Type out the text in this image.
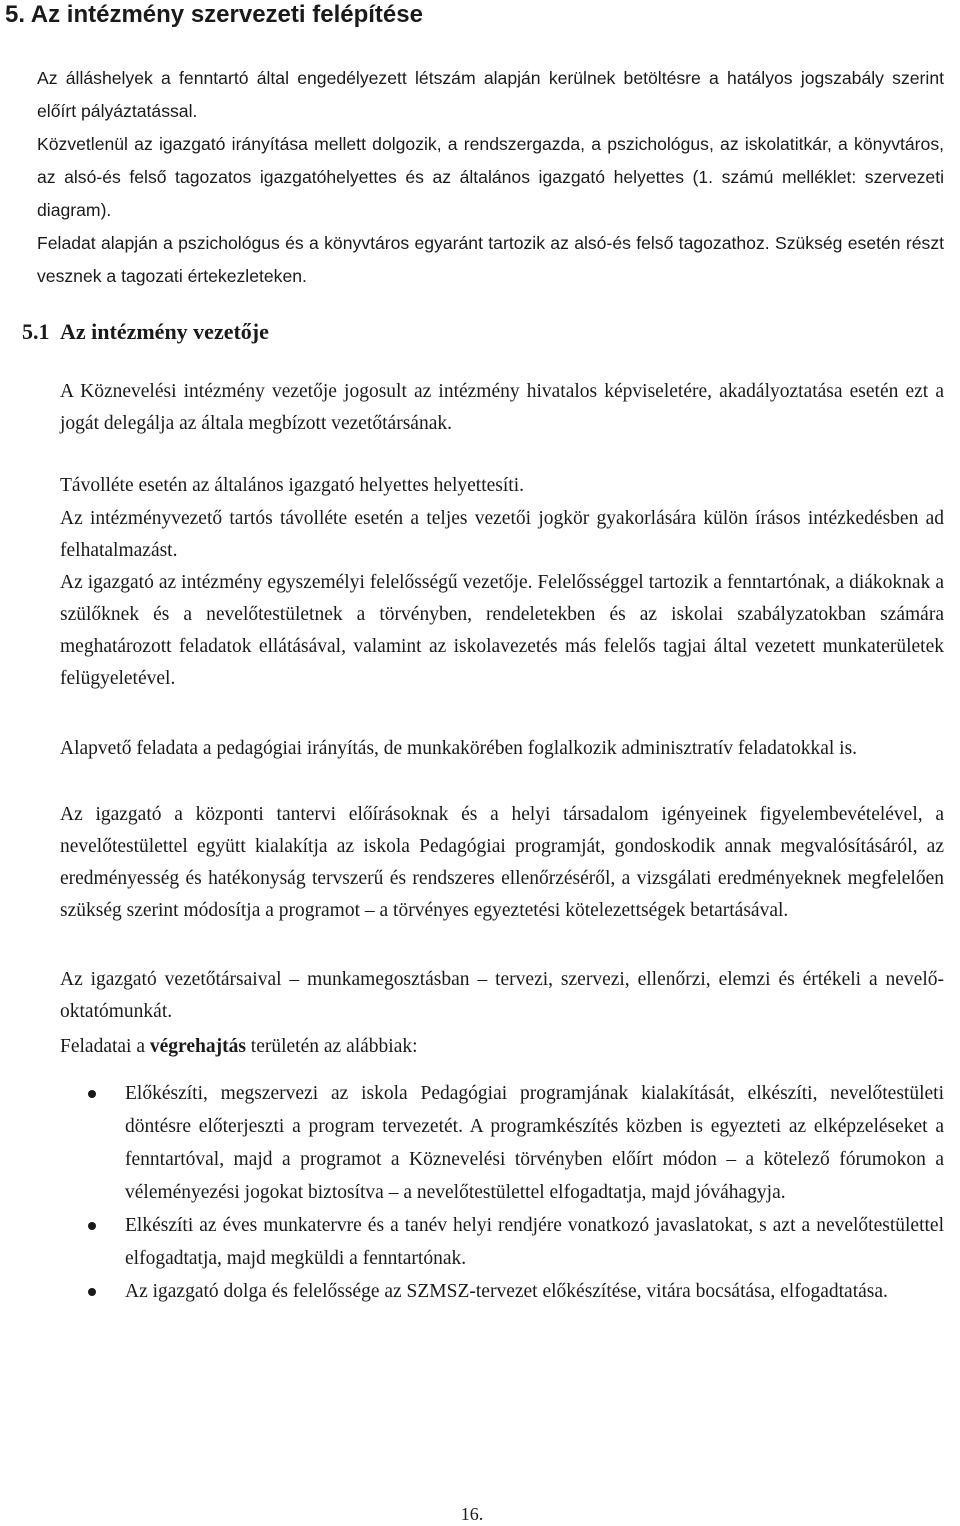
5. Az intézmény szervezeti felépítése

Az álláshelyek a fenntartó által engedélyezett létszám alapján kerülnek betöltésre a hatályos jogszabály szerint előírt pályáztatással.

Közvetlenül az igazgató irányítása mellett dolgozik, a rendszergazda, a pszichológus, az iskolatitkár, a könyvtáros, az alsó-és felső tagozatos igazgatóhelyettes és az általános igazgató helyettes (1. számú melléklet: szervezeti diagram).

Feladat alapján a pszichológus és a könyvtáros egyaránt tartozik az alsó-és felső tagozathoz. Szükség esetén részt vesznek a tagozati értekezleteken.

5.1 Az intézmény vezetője

A Köznevelési intézmény vezetője jogosult az intézmény hivatalos képviseletére, akadályoztatása esetén ezt a jogát delegálja az általa megbízott vezetőtársának.

Távolléte esetén az általános igazgató helyettes helyettesíti.

Az intézményvezető tartós távolléte esetén a teljes vezetői jogkör gyakorlására külön írásos intézkedésben ad felhatalmazást.

Az igazgató az intézmény egyszemélyi felelősségű vezetője. Felelősséggel tartozik a fenntartónak, a diákoknak a szülőknek és a nevelőtestületnek a törvényben, rendeletekben és az iskolai szabályzatokban számára meghatározott feladatok ellátásával, valamint az iskolavezetés más felelős tagjai által vezetett munkaterületek felügyeletével.

Alapvető feladata a pedagógiai irányítás, de munkakörében foglalkozik adminisztratív feladatokkal is.

Az igazgató a központi tantervi előírásoknak és a helyi társadalom igényeinek figyelembevételével, a nevelőtestülettel együtt kialakítja az iskola Pedagógiai programját, gondoskodik annak megvalósításáról, az eredményesség és hatékonyság tervszerű és rendszeres ellenőrzéséről, a vizsgálati eredményeknek megfelelően szükség szerint módosítja a programot – a törvényes egyeztetési kötelezettségek betartásával.

Az igazgató vezetőtársaival – munkamegosztásban – tervezi, szervezi, ellenőrzi, elemzi és értékeli a nevelő-oktatómunkát.

Feladatai a végrehajtás területén az alábbiak:

Előkészíti, megszervezi az iskola Pedagógiai programjának kialakítását, elkészíti, nevelőtestületi döntésre előterjeszti a program tervezetét. A programkészítés közben is egyezteti az elképzeléseket a fenntartóval, majd a programot a Köznevelési törvényben előírt módon – a kötelező fórumokon a véleményezési jogokat biztosítva – a nevelőtestülettel elfogadtatja, majd jóváhagyja.
Elkészíti az éves munkatervre és a tanév helyi rendjére vonatkozó javaslatokat, s azt a nevelőtestülettel elfogadtatja, majd megküldi a fenntartónak.
Az igazgató dolga és felelőssége az SZMSZ-tervezet előkészítése, vitára bocsátása, elfogadtatása.
16.
